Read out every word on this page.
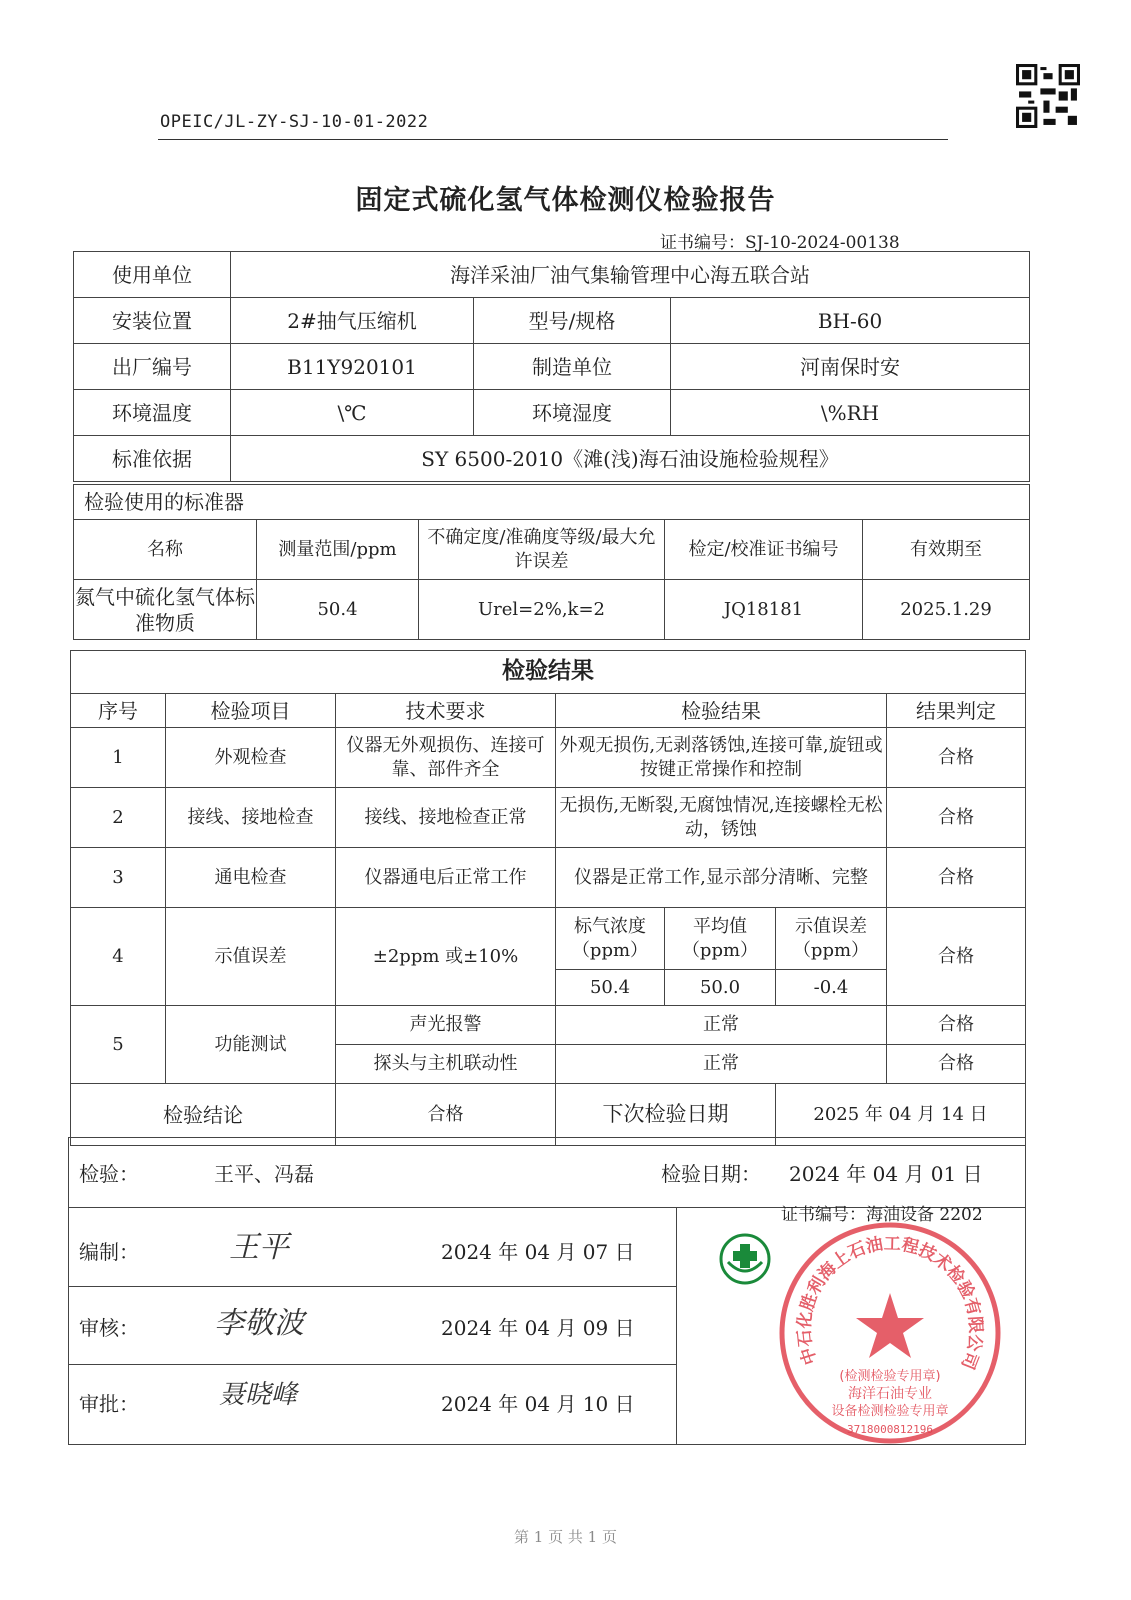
OPEIC/JL-ZY-SJ-10-01-2022
固定式硫化氢气体检测仪检验报告
证书编号：SJ-10-2024-00138
使用单位	海洋采油厂油气集输管理中心海五联合站		
安装位置	2#抽气压缩机	型号/规格	BH-60
出厂编号	B11Y920101	制造单位	河南保时安
环境温度	\℃	环境湿度	\%RH
标准依据	SY 6500-2010《滩(浅)海石油设施检验规程》		
检验使用的标准器				
名称	测量范围/ppm	不确定度/准确度等级/最大允许误差	检定/校准证书编号	有效期至
氮气中硫化氢气体标准物质	50.4	Urel=2%,k=2	JQ18181	2025.1.29
检验结果						
序号	检验项目	技术要求	检验结果			结果判定
1	外观检查	仪器无外观损伤、连接可靠、部件齐全	外观无损伤,无剥落锈蚀,连接可靠,旋钮或按键正常操作和控制			合格
2	接线、接地检查	接线、接地检查正常	无损伤,无断裂,无腐蚀情况,连接螺栓无松动，锈蚀			合格
3	通电检查	仪器通电后正常工作	仪器是正常工作,显示部分清晰、完整			合格
4	示值误差	±2ppm 或±10%	标气浓度（ppm）	平均值（ppm）	示值误差（ppm）	合格
			50.4	50.0	-0.4	
5	功能测试	声光报警	正常			合格
		探头与主机联动性	正常			合格
检验结论		合格	下次检验日期		2025 年 04 月 14 日	
检验：	王平、冯磊	检验日期： 2024 年 04 月 01 日
编制：	王平	2024 年 04 月 07 日
审核：	李敬波	2024 年 04 月 09 日
审批：	聂晓峰	2024 年 04 月 10 日
证书编号：海油设备 2202
中石化胜利海上石油工程技术检验有限公司
(检测检验专用章)
海洋石油专业
设备检测检验专用章
3718000812196
第 1 页 共 1 页
